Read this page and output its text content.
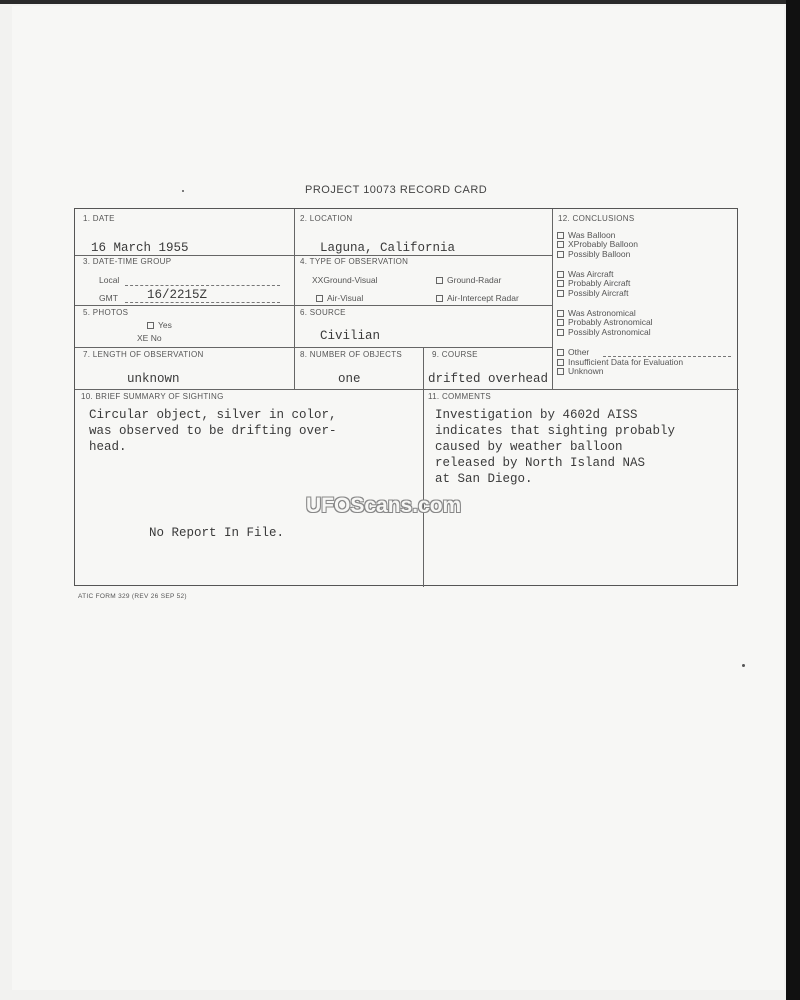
PROJECT 10073 RECORD CARD
1. DATE
16 March 1955
2. LOCATION
Laguna, California
3. DATE-TIME GROUP
Local
GMT 16/2215Z
4. TYPE OF OBSERVATION
XXGround-Visual	Ground-Radar
Air-Visual	Air-Intercept Radar
5. PHOTOS
Yes
XE No
6. SOURCE
Civilian
7. LENGTH OF OBSERVATION
unknown
8. NUMBER OF OBJECTS
one
9. COURSE
drifted overhead
10. BRIEF SUMMARY OF SIGHTING
Circular object, silver in color,
was observed to be drifting over-
head.
No Report In File.
11. COMMENTS
Investigation by 4602d AISS
indicates that sighting probably
caused by weather balloon
released by North Island NAS
at San Diego.
12. CONCLUSIONS
Was Balloon
XProbably Balloon
Possibly Balloon
Was Aircraft
Probably Aircraft
Possibly Aircraft
Was Astronomical
Probably Astronomical
Possibly Astronomical
Other
Insufficient Data for Evaluation
Unknown
ATIC FORM 329 (REV 26 SEP 52)
UFOScans.com
